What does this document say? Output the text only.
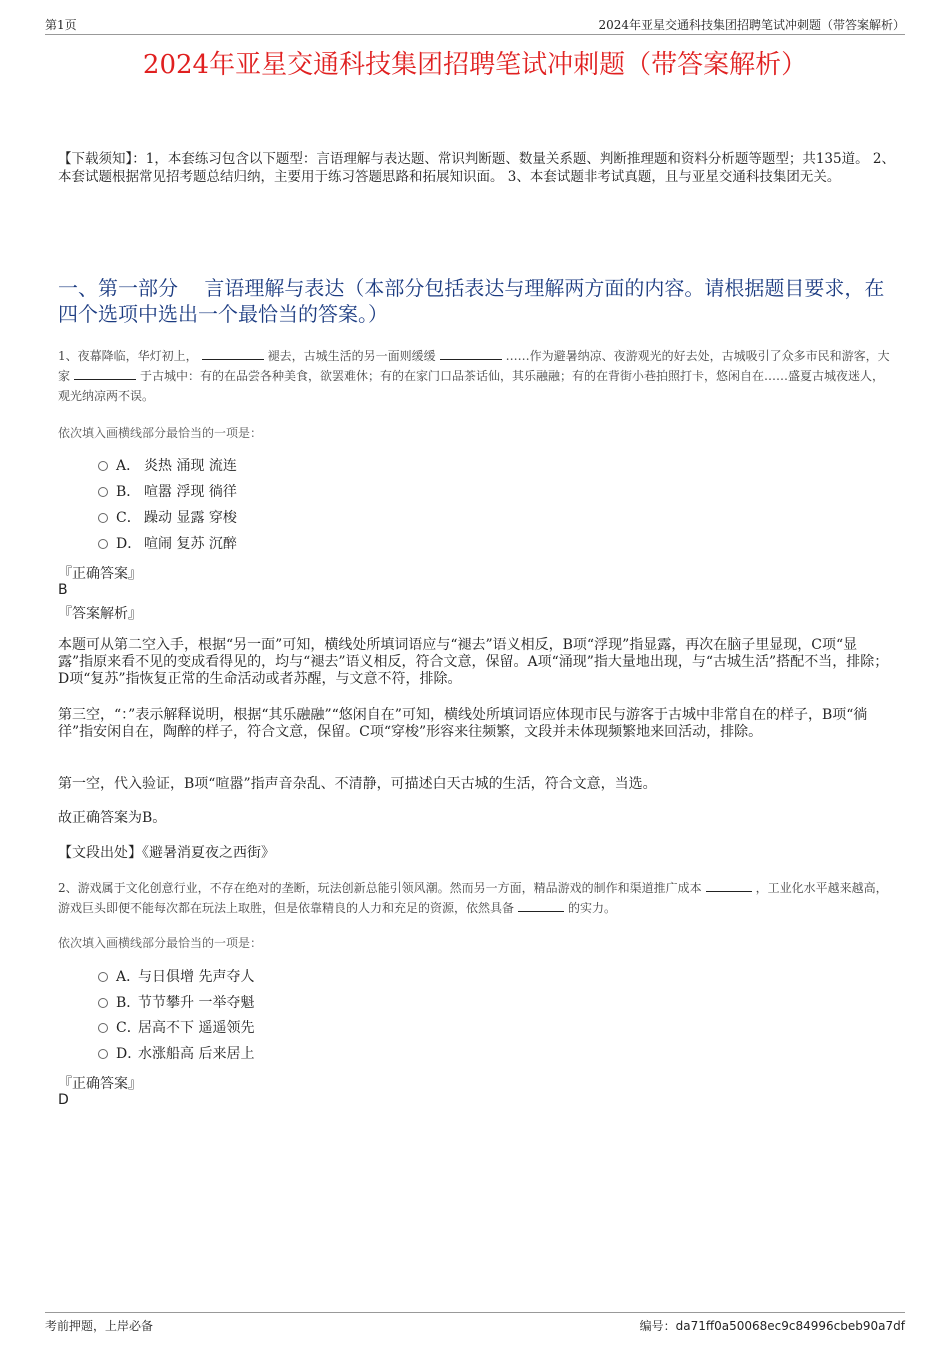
第1页	2024年亚星交通科技集团招聘笔试冲刺题（带答案解析）
2024年亚星交通科技集团招聘笔试冲刺题（带答案解析）
【下载须知】：1，本套练习包含以下题型：言语理解与表达题、常识判断题、数量关系题、判断推理题和资料分析题等题型；共135道。 2、本套试题根据常见招考题总结归纳，主要用于练习答题思路和拓展知识面。 3、本套试题非考试真题，且与亚星交通科技集团无关。
一、第一部分　 言语理解与表达（本部分包括表达与理解两方面的内容。请根据题目要求，在四个选项中选出一个最恰当的答案。）
1、夜幕降临，华灯初上，	褪去，古城生活的另一面则缓缓	……作为避暑纳凉、夜游观光的好去处，古城吸引了众多市民和游客，大家	于古城中：有的在品尝各种美食，欲罢难休；有的在家门口品茶话仙，其乐融融；有的在背街小巷拍照打卡，悠闲自在……盛夏古城夜迷人，观光纳凉两不误。
依次填入画横线部分最恰当的一项是：
A． 炎热 涌现 流连
B． 喧嚣 浮现 徜徉
C． 躁动 显露 穿梭
D． 喧闹 复苏 沉醉
『正确答案』
B
『答案解析』
本题可从第二空入手，根据“另一面”可知，横线处所填词语应与“褪去”语义相反，B项“浮现”指显露，再次在脑子里显现，C项“显露”指原来看不见的变成看得见的，均与“褪去”语义相反，符合文意，保留。A项“涌现”指大量地出现，与“古城生活”搭配不当，排除；D项“复苏”指恢复正常的生命活动或者苏醒，与文意不符，排除。
第三空，“：”表示解释说明，根据“其乐融融”“悠闲自在”可知，横线处所填词语应体现市民与游客于古城中非常自在的样子，B项“徜徉”指安闲自在，陶醉的样子，符合文意，保留。C项“穿梭”形容来往频繁，文段并未体现频繁地来回活动，排除。
第一空，代入验证，B项“喧嚣”指声音杂乱、不清静，可描述白天古城的生活，符合文意，当选。
故正确答案为B。
【文段出处】《避暑消夏夜之西街》
2、游戏属于文化创意行业，不存在绝对的垄断，玩法创新总能引领风潮。然而另一方面，精品游戏的制作和渠道推广成本	，工业化水平越来越高，游戏巨头即便不能每次都在玩法上取胜，但是依靠精良的人力和充足的资源，依然具备	的实力。
依次填入画横线部分最恰当的一项是：
A．与日俱增 先声夺人
B．节节攀升 一举夺魁
C．居高不下 遥遥领先
D．水涨船高 后来居上
『正确答案』
D
考前押题，上岸必备	编号：da71ff0a50068ec9c84996cbeb90a7df
